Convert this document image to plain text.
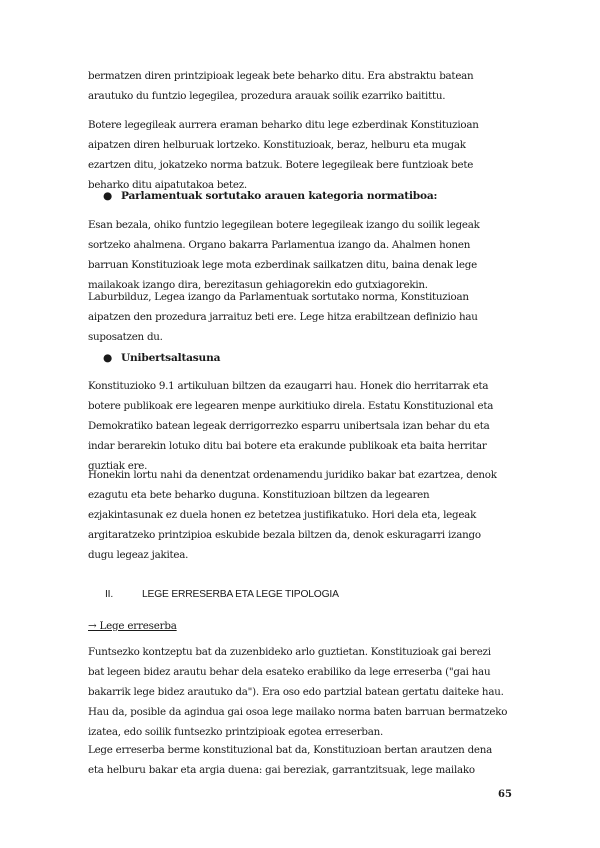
bermatzen diren printzipioak legeak bete beharko ditu. Era abstraktu batean
arautuko du funtzio legegilea, prozedura arauak soilik ezarriko baitittu.
Botere legegileak aurrera eraman beharko ditu lege ezberdinak Konstituzioan
aipatzen diren helburuak lortzeko. Konstituzioak, beraz, helburu eta mugak
ezartzen ditu, jokatzeko norma batzuk. Botere legegileak bere funtzioak bete
beharko ditu aipatutakoa betez.
● Parlamentuak sortutako arauen kategoria normatiboa:
Esan bezala, ohiko funtzio legegilean botere legegileak izango du soilik legeak
sortzeko ahalmena. Organo bakarra Parlamentua izango da. Ahalmen honen
barruan Konstituzioak lege mota ezberdinak sailkatzen ditu, baina denak lege
mailakoak izango dira, berezitasun gehiagorekin edo gutxiagorekin.
Laburbilduz, Legea izango da Parlamentuak sortutako norma, Konstituzioan
aipatzen den prozedura jarraituz beti ere. Lege hitza erabiltzean definizio hau
suposatzen du.
● Unibertsaltasuna
Konstituzioko 9.1 artikuluan biltzen da ezaugarri hau. Honek dio herritarrak eta
botere publikoak ere legearen menpe aurkitiuko direla. Estatu Konstituzional eta
Demokratiko batean legeak derrigorrezko esparru unibertsala izan behar du eta
indar berarekin lotuko ditu bai botere eta erakunde publikoak eta baita herritar
guztiak ere.
Honekin lortu nahi da denentzat ordenamendu juridiko bakar bat ezartzea, denok
ezagutu eta bete beharko duguna. Konstituzioan biltzen da legearen
ezjakintasunak ez duela honen ez betetzea justifikatuko. Hori dela eta, legeak
argitaratzeko printzipioa eskubide bezala biltzen da, denok eskuragarri izango
dugu legeaz jakitea.
II.	LEGE ERRESERBA ETA LEGE TIPOLOGIA
→ Lege erreserba
Funtsezko kontzeptu bat da zuzenbideko arlo guztietan. Konstituzioak gai berezi
bat legeen bidez arautu behar dela esateko erabiliko da lege erreserba ("gai hau
bakarrik lege bidez arautuko da"). Era oso edo partzial batean gertatu daiteke hau.
Hau da, posible da agindua gai osoa lege mailako norma baten barruan bermatzeko
izatea, edo soilik funtsezko printzipioak egotea erreserban.
Lege erreserba berme konstituzional bat da, Konstituzioan bertan arautzen dena
eta helburu bakar eta argia duena: gai bereziak, garrantzitsuak, lege mailako
65
